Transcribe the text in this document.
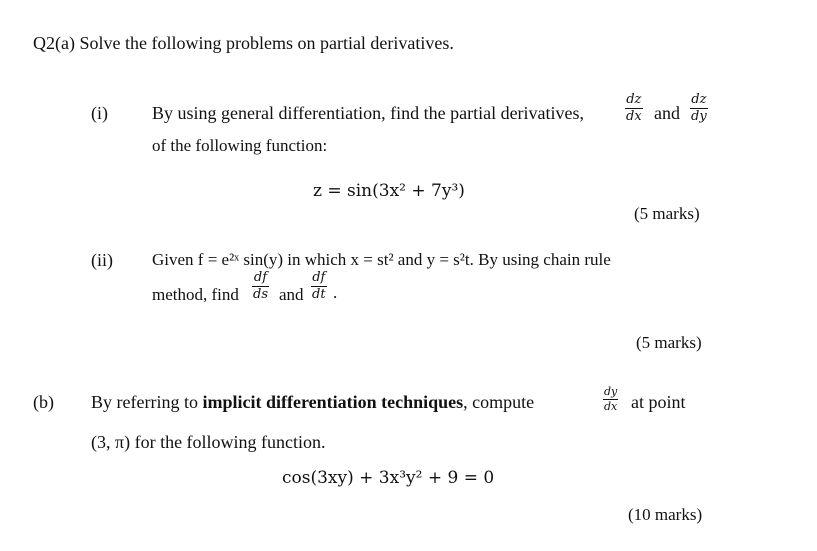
Q2(a) Solve the following problems on partial derivatives.
(i) By using general differentiation, find the partial derivatives,
dz
dx and
dz
dy
of the following function:
z = sin(3x² + 7y³)
(5 marks)
(ii) Given f = e²ˣ sin(y) in which x = st² and y = s²t. By using chain rule
method, find
df
ds and
df
dt .
(5 marks)
(b) By referring to implicit differentiation techniques, compute
dy
dx at point
(3, π) for the following function.
cos(3xy) + 3x³y² + 9 = 0
(10 marks)
